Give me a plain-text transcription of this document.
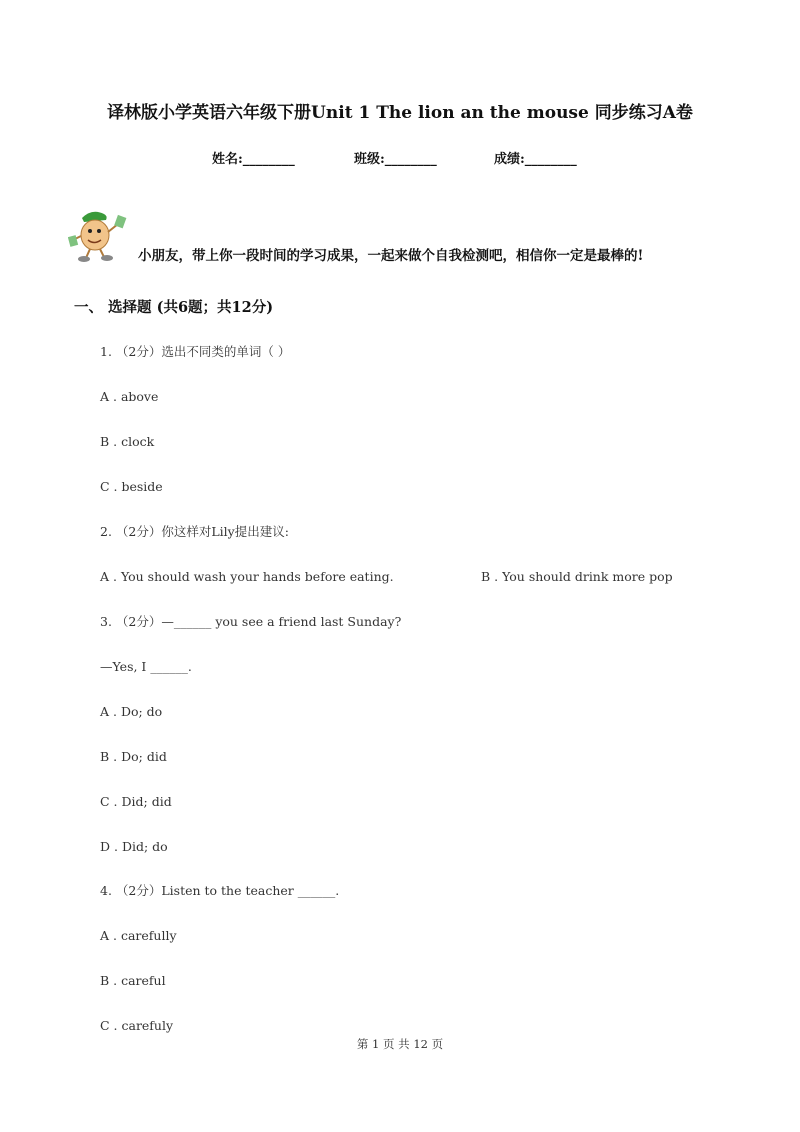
译林版小学英语六年级下册Unit 1 The lion an the mouse 同步练习A卷
姓名:________	班级:________	成绩:________
小朋友，带上你一段时间的学习成果，一起来做个自我检测吧，相信你一定是最棒的!
一、 选择题 (共6题；共12分)
1. （2分）选出不同类的单词（ ）
A . above
B . clock
C . beside
2. （2分）你这样对Lily提出建议:
A . You should wash your hands before eating.	B . You should drink more pop
3. （2分）—______ you see a friend last Sunday?
—Yes, I ______.
A . Do; do
B . Do; did
C . Did; did
D . Did; do
4. （2分）Listen to the teacher ______.
A . carefully
B . careful
C . carefuly
第 1 页 共 12 页
